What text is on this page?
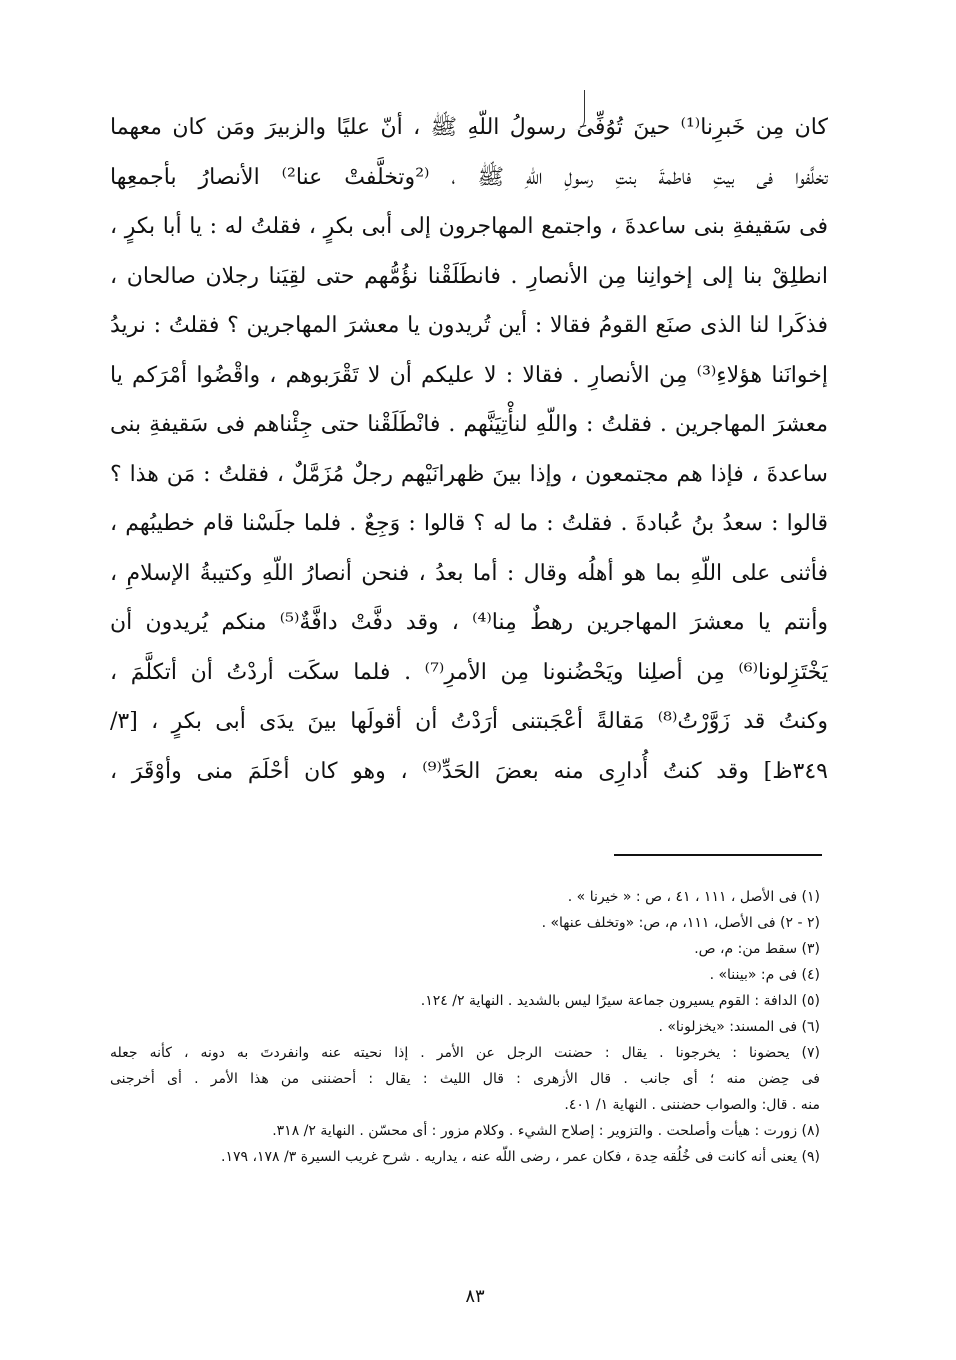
كان مِن خَبرِنا⁽¹⁾ حينَ تُوُفِّىَ رسولُ اللّهِ ﷺ ، أنّ عليًا والزبيرَ ومَن كان معهما
تخلَّفوا فى بيتِ فاطمةَ بنتِ رسولِ اللّهِ ﷺ ، ⁽²وتخلَّفتْ عنا²⁾ الأنصارُ بأجمعِها
فى سَقيفةِ بنى ساعدةَ ، واجتمع المهاجرون إلى أبى بكرٍ ، فقلتُ له : يا أبا بكرٍ ،
انطلِقْ بنا إلى إخوانِنا مِن الأنصارِ . فانطَلَقْنا نؤُمُّهم حتى لقِيَنا رجلان صالحان ،
فذكَرا لنا الذى صنَع القومُ فقالا : أين تُريدون يا معشرَ المهاجرين ؟ فقلتُ : نريدُ
إخوانَنا هؤلاءِ⁽³⁾ مِن الأنصارِ . فقالا : لا عليكم أن لا تَقْرَبوهم ، واقْضُوا أمْرَكم يا
معشرَ المهاجرين . فقلتُ : واللّهِ لنأْتِيَنَّهم . فانْطَلَقْنا حتى جِئْناهم فى سَقيفةِ بنى
ساعدةَ ، فإذا هم مجتمعون ، وإذا بينَ ظهرانَيْهم رجلٌ مُزَمَّلٌ ، فقلتُ : مَن هذا ؟
قالوا : سعدُ بنُ عُبادةَ . فقلتُ : ما له ؟ قالوا : وَجِعٌ . فلما جلَسْنا قام خطيبُهم ،
فأثنى على اللّهِ بما هو أهلُه وقال : أما بعدُ ، فنحن أنصارُ اللّهِ وكتيبةُ الإسلامِ ،
وأنتم يا معشرَ المهاجرين رهطٌ مِنا⁽⁴⁾ ، وقد دفَّتْ دافَّةٌ⁽⁵⁾ منكم يُريدون أن
يَخْتَزِلونا⁽⁶⁾ مِن أصلِنا ويَحْضُنونا مِن الأمرِ⁽⁷⁾ . فلما سكَت أردْتُ أن أتكلَّمَ ،
وكنتُ قد زَوَّرْتُ⁽⁸⁾ مَقالةً أعْجَبتنى أرَدْتُ أن أقولَها بينَ يدَى أبى بكرٍ ، [٣/
٣٤٩ظ] وقد كنتُ أُدارِى منه بعضَ الحَدِّ⁽⁹⁾ ، وهو كان أحْلَمَ منى وأوْقَرَ ،
(١) فى الأصل ، ١١١ ، ٤١ ، ص : « خيرنا » .
(٢ - ٢) فى الأصل، ١١١، م، ص: «وتخلف عنها» .
(٣) سقط من: م، ص.
(٤) فى م: «بيننا» .
(٥) الدافة : القوم يسيرون جماعة سيرًا ليس بالشديد . النهاية ٢/ ١٢٤.
(٦) فى المسند: «يخزلونا» .
(٧) يحضونا : يخرجونا . يقال : حضنت الرجل عن الأمر . إذا نحيته عنه وانفردتَ به دونه ، كأنه جعله
فى حِضن منه ؛ أى جانب . قال الأزهرى : قال الليث : يقال : أحضننى من هذا الأمر . أى أخرجنى
منه . قال: والصواب حضننى . النهاية ١/ ٤٠١.
(٨) زورت : هيأت وأصلحت . والتزوير : إصلاح الشيء . وكلام مزور : أى محسّن . النهاية ٢/ ٣١٨.
(٩) يعنى أنه كانت فى خُلُقه حِدة ، فكان عمر ، رضى اللّه عنه ، يداريه . شرح غريب السيرة ٣/ ١٧٨، ١٧٩.
٨٣
